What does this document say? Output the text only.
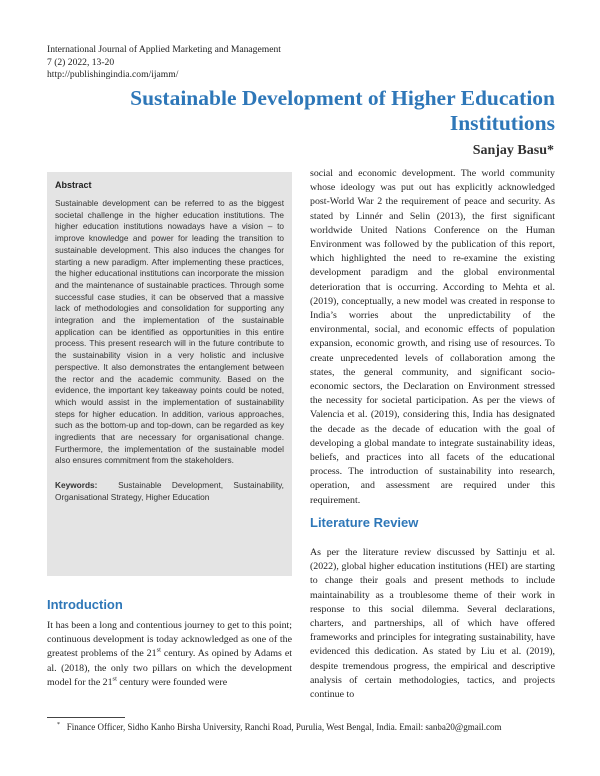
International Journal of Applied Marketing and Management
7 (2) 2022, 13-20
http://publishingindia.com/ijamm/
Sustainable Development of Higher Education Institutions
Sanjay Basu*
Abstract
Sustainable development can be referred to as the biggest societal challenge in the higher education institutions. The higher education institutions nowadays have a vision – to improve knowledge and power for leading the transition to sustainable development. This also induces the changes for starting a new paradigm. After implementing these practices, the higher educational institutions can incorporate the mission and the maintenance of sustainable practices. Through some successful case studies, it can be observed that a massive lack of methodologies and consolidation for supporting any integration and the implementation of the sustainable application can be identified as opportunities in this entire process. This present research will in the future contribute to the sustainability vision in a very holistic and inclusive perspective. It also demonstrates the entanglement between the rector and the academic community. Based on the evidence, the important key takeaway points could be noted, which would assist in the implementation of sustainability steps for higher education. In addition, various approaches, such as the bottom-up and top-down, can be regarded as key ingredients that are necessary for organisational change. Furthermore, the implementation of the sustainable model also ensures commitment from the stakeholders.
Keywords: Sustainable Development, Sustainability, Organisational Strategy, Higher Education
Introduction

It has been a long and contentious journey to get to this point; continuous development is today acknowledged as one of the greatest problems of the 21st century. As opined by Adams et al. (2018), the only two pillars on which the development model for the 21st century were founded were

social and economic development. The world community whose ideology was put out has explicitly acknowledged post-World War 2 the requirement of peace and security. As stated by Linnér and Selin (2013), the first significant worldwide United Nations Conference on the Human Environment was followed by the publication of this report, which highlighted the need to re-examine the existing development paradigm and the global environmental deterioration that is occurring. According to Mehta et al. (2019), conceptually, a new model was created in response to India’s worries about the unpredictability of the environmental, social, and economic effects of population expansion, economic growth, and rising use of resources. To create unprecedented levels of collaboration among the states, the general community, and significant socio-economic sectors, the Declaration on Environment stressed the necessity for societal participation. As per the views of Valencia et al. (2019), considering this, India has designated the decade as the decade of education with the goal of developing a global mandate to integrate sustainability ideas, beliefs, and practices into all facets of the educational process. The introduction of sustainability into research, operation, and assessment are required under this requirement.

Literature Review

As per the literature review discussed by Sattinju et al. (2022), global higher education institutions (HEI) are starting to change their goals and present methods to include maintainability as a troublesome theme of their work in response to this social dilemma. Several declarations, charters, and partnerships, all of which have offered frameworks and principles for integrating sustainability, have evidenced this dedication. As stated by Liu et al. (2019), despite tremendous progress, the empirical and descriptive analysis of certain methodologies, tactics, and projects continue to

* Finance Officer, Sidho Kanho Birsha University, Ranchi Road, Purulia, West Bengal, India. Email: sanba20@gmail.com
